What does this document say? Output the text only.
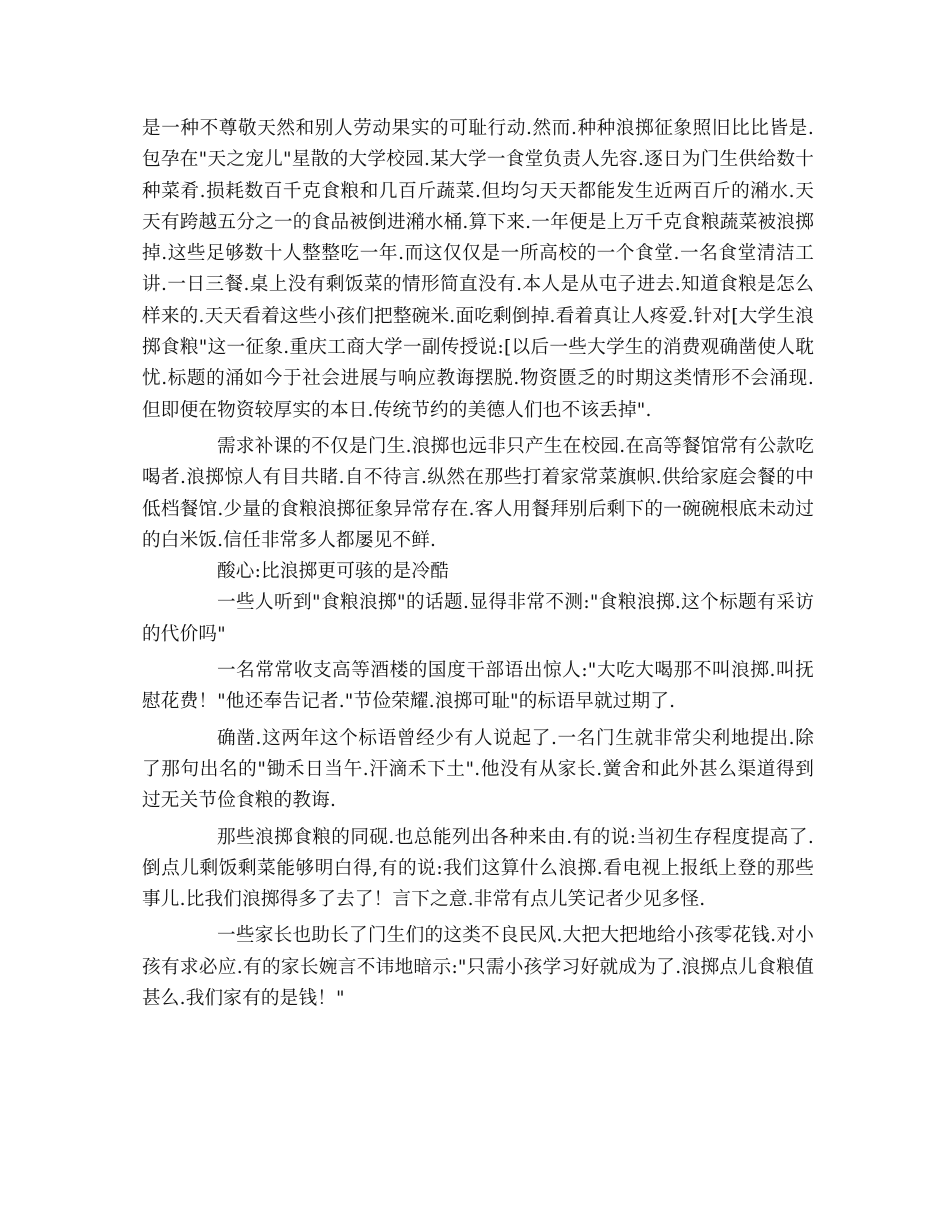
是一种不尊敬天然和别人劳动果实的可耻行动.然而.种种浪掷征象照旧比比皆是.包孕在"天之宠儿"星散的大学校园.某大学一食堂负责人先容.逐日为门生供给数十种菜肴.损耗数百千克食粮和几百斤蔬菜.但均匀天天都能发生近两百斤的潲水.天天有跨越五分之一的食品被倒进潲水桶.算下来.一年便是上万千克食粮蔬菜被浪掷掉.这些足够数十人整整吃一年.而这仅仅是一所高校的一个食堂.一名食堂清洁工讲.一日三餐.桌上没有剩饭菜的情形简直没有.本人是从屯子进去.知道食粮是怎么样来的.天天看着这些小孩们把整碗米.面吃剩倒掉.看着真让人疼爱.针对[大学生浪掷食粮"这一征象.重庆工商大学一副传授说:[以后一些大学生的消费观确凿使人耽忧.标题的涌如今于社会进展与响应教诲摆脱.物资匮乏的时期这类情形不会涌现.但即便在物资较厚实的本日.传统节约的美德人们也不该丢掉".

需求补课的不仅是门生.浪掷也远非只产生在校园.在高等餐馆常有公款吃喝者.浪掷惊人有目共睹.自不待言.纵然在那些打着家常菜旗帜.供给家庭会餐的中低档餐馆.少量的食粮浪掷征象异常存在.客人用餐拜别后剩下的一碗碗根底未动过的白米饭.信任非常多人都屡见不鲜.

酸心:比浪掷更可骇的是冷酷

一些人听到"食粮浪掷"的话题.显得非常不测:"食粮浪掷.这个标题有采访的代价吗"

一名常常收支高等酒楼的国度干部语出惊人:"大吃大喝那不叫浪掷.叫抚慰花费！"他还奉告记者."节俭荣耀.浪掷可耻"的标语早就过期了.

确凿.这两年这个标语曾经少有人说起了.一名门生就非常尖利地提出.除了那句出名的"锄禾日当午.汗滴禾下土".他没有从家长.黉舍和此外甚么渠道得到过无关节俭食粮的教诲.

那些浪掷食粮的同砚.也总能列出各种来由.有的说:当初生存程度提高了.倒点儿剩饭剩菜能够明白得,有的说:我们这算什么浪掷.看电视上报纸上登的那些事儿.比我们浪掷得多了去了！言下之意.非常有点儿笑记者少见多怪.

一些家长也助长了门生们的这类不良民风.大把大把地给小孩零花钱.对小孩有求必应.有的家长婉言不讳地暗示:"只需小孩学习好就成为了.浪掷点儿食粮值甚么.我们家有的是钱！"
